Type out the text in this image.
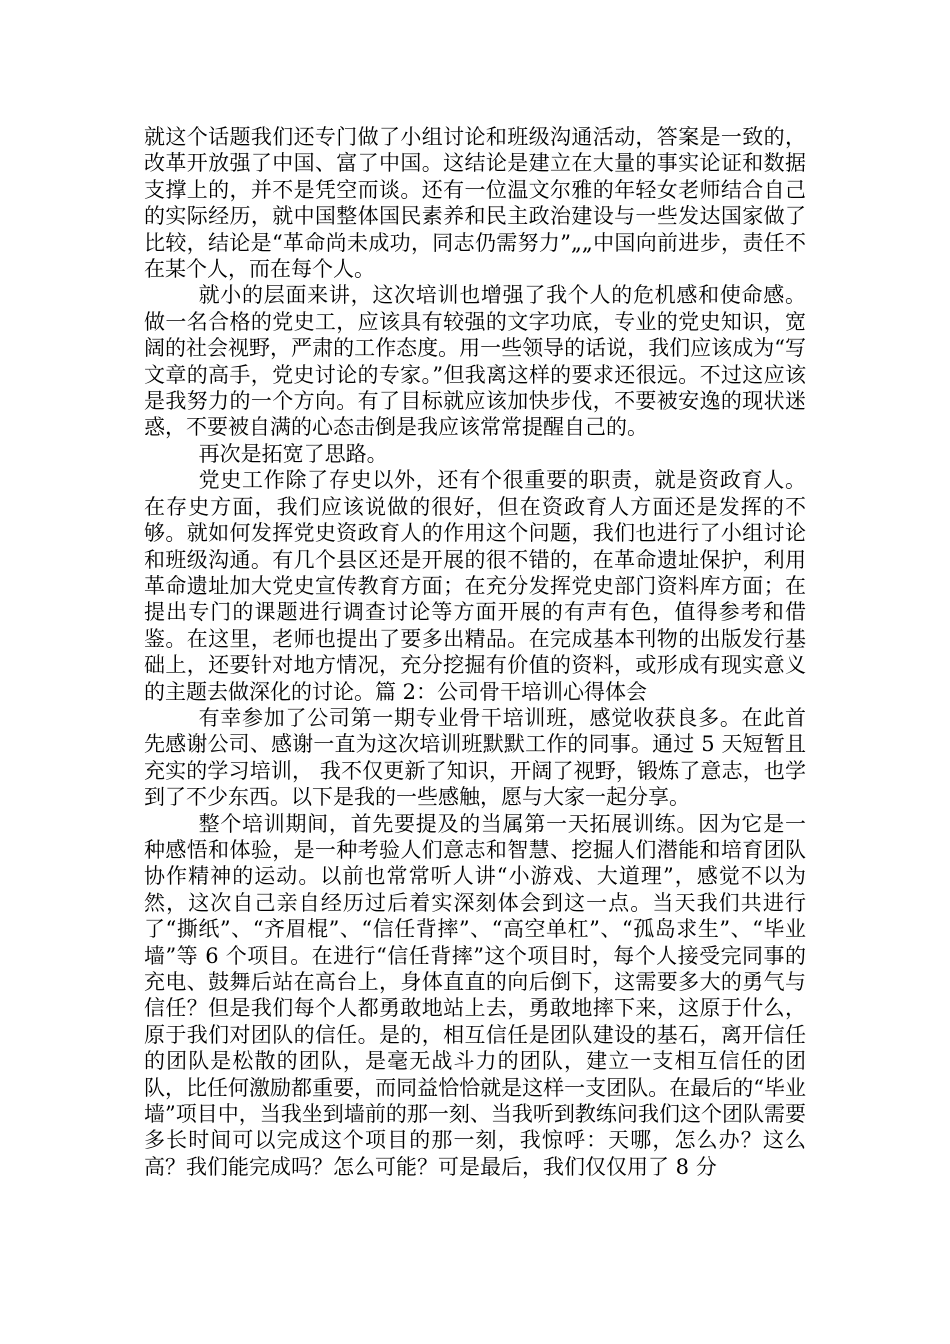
就这个话题我们还专门做了小组讨论和班级沟通活动，答案是一致的，改革开放强了中国、富了中国。这结论是建立在大量的事实论证和数据支撑上的，并不是凭空而谈。还有一位温文尔雅的年轻女老师结合自己的实际经历，就中国整体国民素养和民主政治建设与一些发达国家做了比较，结论是“革命尚未成功，同志仍需努力”„„中国向前进步，责任不在某个人，而在每个人。

就小的层面来讲，这次培训也增强了我个人的危机感和使命感。做一名合格的党史工，应该具有较强的文字功底，专业的党史知识，宽阔的社会视野，严肃的工作态度。用一些领导的话说，我们应该成为“写文章的高手，党史讨论的专家。”但我离这样的要求还很远。不过这应该是我努力的一个方向。有了目标就应该加快步伐，不要被安逸的现状迷惑，不要被自满的心态击倒是我应该常常提醒自己的。

再次是拓宽了思路。

党史工作除了存史以外，还有个很重要的职责，就是资政育人。在存史方面，我们应该说做的很好，但在资政育人方面还是发挥的不够。就如何发挥党史资政育人的作用这个问题，我们也进行了小组讨论和班级沟通。有几个县区还是开展的很不错的，在革命遗址保护，利用革命遗址加大党史宣传教育方面；在充分发挥党史部门资料库方面；在提出专门的课题进行调查讨论等方面开展的有声有色，值得参考和借鉴。在这里，老师也提出了要多出精品。在完成基本刊物的出版发行基础上，还要针对地方情况，充分挖掘有价值的资料，或形成有现实意义的主题去做深化的讨论。篇 2：公司骨干培训心得体会

有幸参加了公司第一期专业骨干培训班，感觉收获良多。在此首先感谢公司、感谢一直为这次培训班默默工作的同事。通过 5 天短暂且充实的学习培训， 我不仅更新了知识，开阔了视野，锻炼了意志，也学到了不少东西。以下是我的一些感触，愿与大家一起分享。

整个培训期间，首先要提及的当属第一天拓展训练。因为它是一种感悟和体验，是一种考验人们意志和智慧、挖掘人们潜能和培育团队协作精神的运动。以前也常常听人讲“小游戏、大道理”，感觉不以为然，这次自己亲自经历过后着实深刻体会到这一点。当天我们共进行了“撕纸”、“齐眉棍”、“信任背摔”、“高空单杠”、“孤岛求生”、“毕业墙”等 6 个项目。在进行“信任背摔”这个项目时，每个人接受完同事的充电、鼓舞后站在高台上，身体直直的向后倒下，这需要多大的勇气与信任？但是我们每个人都勇敢地站上去，勇敢地摔下来，这原于什么，原于我们对团队的信任。是的，相互信任是团队建设的基石，离开信任的团队是松散的团队，是毫无战斗力的团队，建立一支相互信任的团队，比任何激励都重要，而同益恰恰就是这样一支团队。在最后的“毕业墙”项目中，当我坐到墙前的那一刻、当我听到教练问我们这个团队需要多长时间可以完成这个项目的那一刻，我惊呼：天哪，怎么办？这么高？我们能完成吗？怎么可能？可是最后，我们仅仅用了 8 分
